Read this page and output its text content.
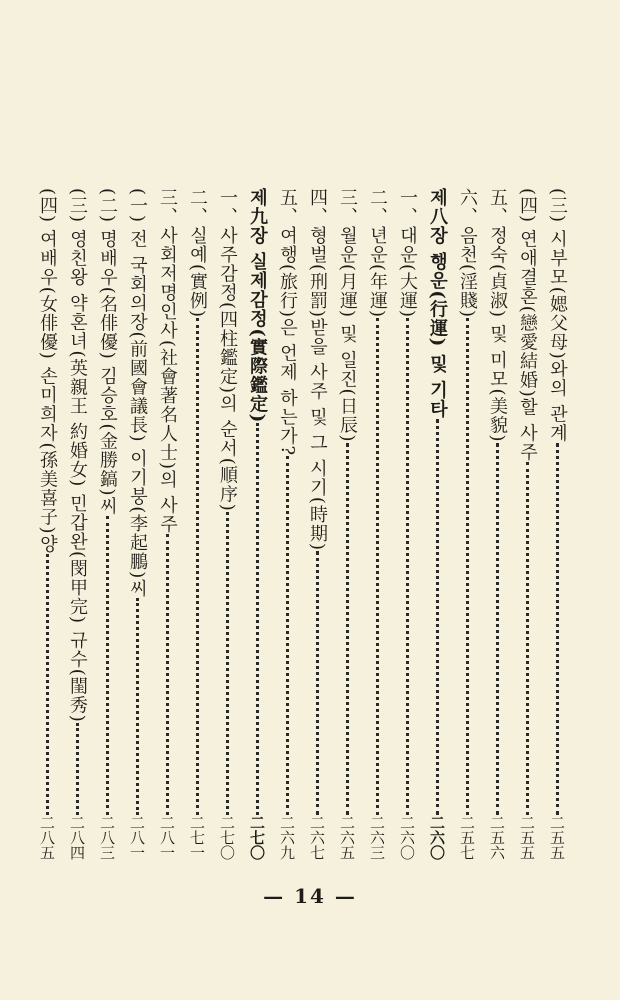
(三) 시부모(媤父母)와의 관계
二五五
(四) 연애결혼(戀愛結婚)할 사주
二五五
五、정숙(貞淑) 및 미모(美貌)
二五六
六、음천(淫賤)
二五七
제八장 행운(行運) 및 기타
二六〇
一、대운(大運)
二六〇
二、년운(年運)
二六三
三、월운(月運) 및 일진(日辰)
二六五
四、형벌(刑罰)받을 사주 및 그 시기(時期)
二六七
五、여행(旅行)은 언제 하는가?
二六九
제九장 실제감정(實際鑑定)
二七〇
一、사주감정(四柱鑑定)의 순서(順序)
二七〇
二、실예(實例)
二七一
三、사회저명인사(社會著名人士)의 사주
二八一
(一) 전 국회의장(前國會議長) 이기붕(李起鵬)씨
二八一
(二) 명배우(名俳優) 김승호(金勝鎬)씨
二八三
(三) 영친왕 약혼녀(英親王 約婚女) 민갑완(閔甲完) 규수(閨秀)
二八四
(四) 여배우(女俳優) 손미희자(孫美喜子)양
二八五
— 14 —
